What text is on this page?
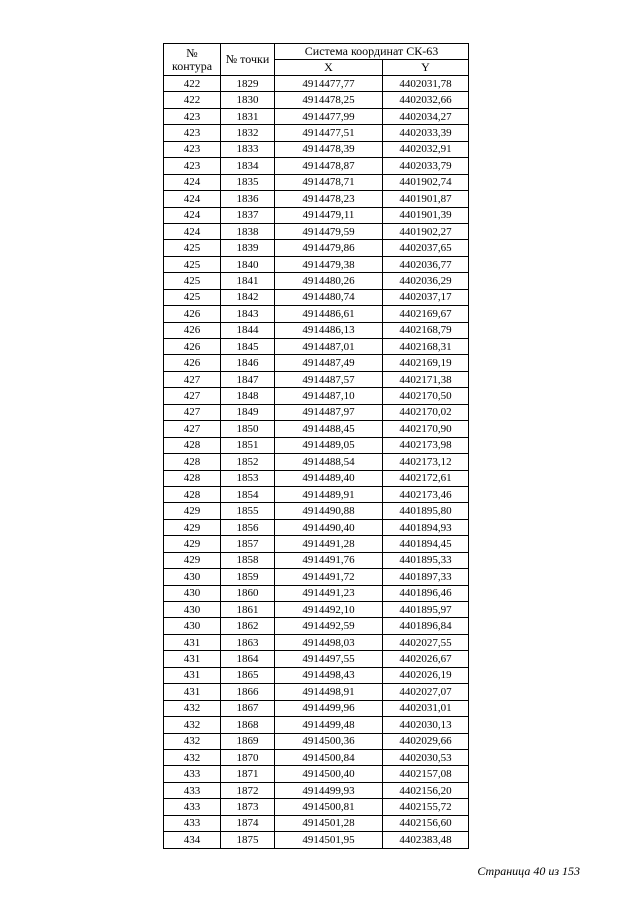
№
контура	№ точки	Система координат СК-63	
		X	Y
422	1829	4914477,77	4402031,78
422	1830	4914478,25	4402032,66
423	1831	4914477,99	4402034,27
423	1832	4914477,51	4402033,39
423	1833	4914478,39	4402032,91
423	1834	4914478,87	4402033,79
424	1835	4914478,71	4401902,74
424	1836	4914478,23	4401901,87
424	1837	4914479,11	4401901,39
424	1838	4914479,59	4401902,27
425	1839	4914479,86	4402037,65
425	1840	4914479,38	4402036,77
425	1841	4914480,26	4402036,29
425	1842	4914480,74	4402037,17
426	1843	4914486,61	4402169,67
426	1844	4914486,13	4402168,79
426	1845	4914487,01	4402168,31
426	1846	4914487,49	4402169,19
427	1847	4914487,57	4402171,38
427	1848	4914487,10	4402170,50
427	1849	4914487,97	4402170,02
427	1850	4914488,45	4402170,90
428	1851	4914489,05	4402173,98
428	1852	4914488,54	4402173,12
428	1853	4914489,40	4402172,61
428	1854	4914489,91	4402173,46
429	1855	4914490,88	4401895,80
429	1856	4914490,40	4401894,93
429	1857	4914491,28	4401894,45
429	1858	4914491,76	4401895,33
430	1859	4914491,72	4401897,33
430	1860	4914491,23	4401896,46
430	1861	4914492,10	4401895,97
430	1862	4914492,59	4401896,84
431	1863	4914498,03	4402027,55
431	1864	4914497,55	4402026,67
431	1865	4914498,43	4402026,19
431	1866	4914498,91	4402027,07
432	1867	4914499,96	4402031,01
432	1868	4914499,48	4402030,13
432	1869	4914500,36	4402029,66
432	1870	4914500,84	4402030,53
433	1871	4914500,40	4402157,08
433	1872	4914499,93	4402156,20
433	1873	4914500,81	4402155,72
433	1874	4914501,28	4402156,60
434	1875	4914501,95	4402383,48
Страница 40 из 153
